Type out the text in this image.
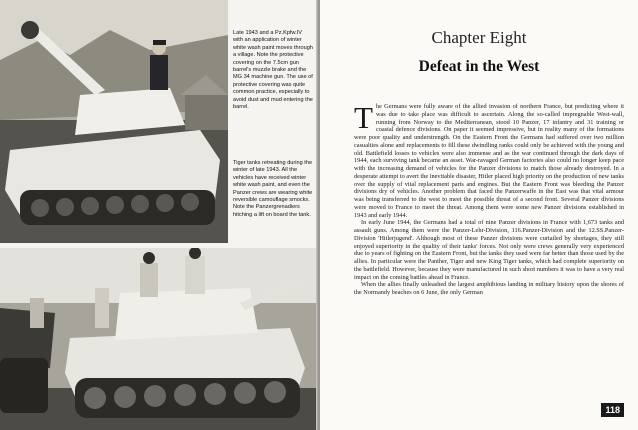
Late 1943 and a Pz.Kpfw.IV with an application of winter white wash paint moves through a village. Note the protective covering on the 7.5cm gun barrel's muzzle brake and the MG 34 machine gun. The use of protective covering was quite common practice, especially to avoid dust and mud entering the barrel.
Tiger tanks retreating during the winter of late 1943. All the vehicles have received winter white wash paint, and even the Panzer crews are wearing white reversible camouflage smocks. Note the Panzergrenadiers hitching a lift on board the tank.
Chapter Eight
Defeat in the West

The Germans were fully aware of the allied invasion of northern France, but predicting where it was due to take place was difficult to ascertain. Along the so-called impregnable West-wall, running from Norway to the Mediterranean, stood 10 Panzer, 17 infantry and 31 training or coastal defence divisions. On paper it seemed impressive, but in reality many of the formations were poor quality and understrength. On the Eastern Front the Germans had suffered over two million casualties alone and replacements to fill these dwindling ranks could only be achieved with the young and old. Battlefield losses to vehicles were also immense and as the war continued through the dark days of 1944, each surviving tank became an asset. War-ravaged German factories also could no longer keep pace with the increasing demand of vehicles for the Panzer divisions to match those already destroyed. In a desperate attempt to avert the inevitable disaster, Hitler placed high priority on the production of new tanks over the supply of vital replacement parts and engines. But the Eastern Front was bleeding the Panzer divisions dry of vehicles. Another problem that faced the Panzerwaffe in the East was that vital armour was being transferred to the west to meet the possible threat of a second front. Several Panzer divisions were moved to France to meet the threat. Among them were some new Panzer divisions established in 1943 and early 1944.

In early June 1944, the Germans had a total of nine Panzer divisions in France with 1,673 tanks and assault guns. Among them were the Panzer-Lehr-Division, 116.Panzer-Division and the 12.SS.Panzer-Division 'Hitlerjugend'. Although most of these Panzer divisions were curtailed by shortages, they still enjoyed superiority in the quality of their tanks' forces. Not only were crews generally very experienced due to years of fighting on the Eastern Front, but the tanks they used were far better than those used by the allies. In particular were the Panther, Tiger and new King Tiger tanks, which had complete superiority on the battlefield. However, because they were manufactured in such short numbers it was to have a very real impact on the coming battles ahead in France.

When the allies finally unleashed the largest amphibious landing in military history upon the shores of the Normandy beaches on 6 June, the only German

118
